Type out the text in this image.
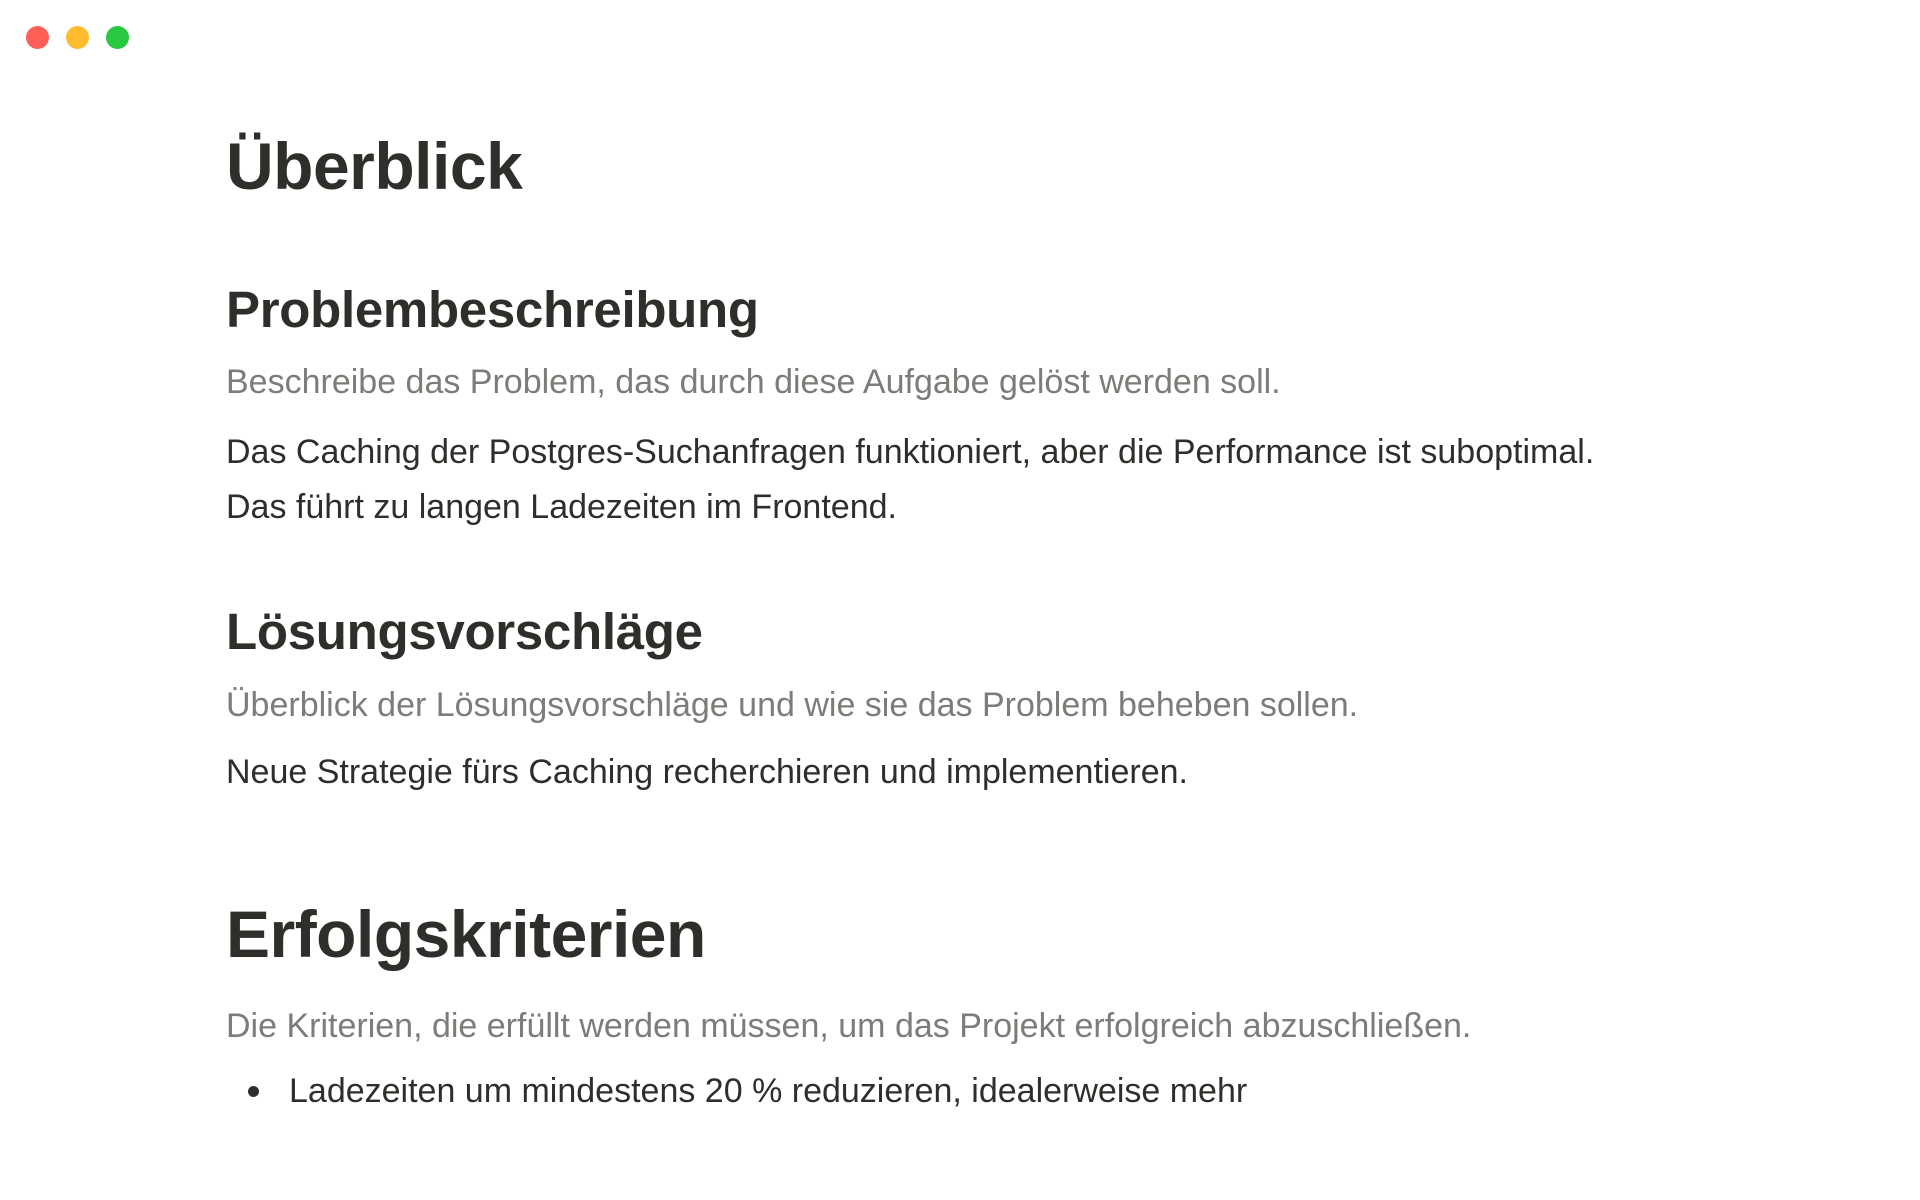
Überblick
Problembeschreibung

Beschreibe das Problem, das durch diese Aufgabe gelöst werden soll.

Das Caching der Postgres-Suchanfragen funktioniert, aber die Performance ist suboptimal.

Das führt zu langen Ladezeiten im Frontend.

Lösungsvorschläge

Überblick der Lösungsvorschläge und wie sie das Problem beheben sollen.

Neue Strategie fürs Caching recherchieren und implementieren.

Erfolgskriterien

Die Kriterien, die erfüllt werden müssen, um das Projekt erfolgreich abzuschließen.

Ladezeiten um mindestens 20 % reduzieren, idealerweise mehr
